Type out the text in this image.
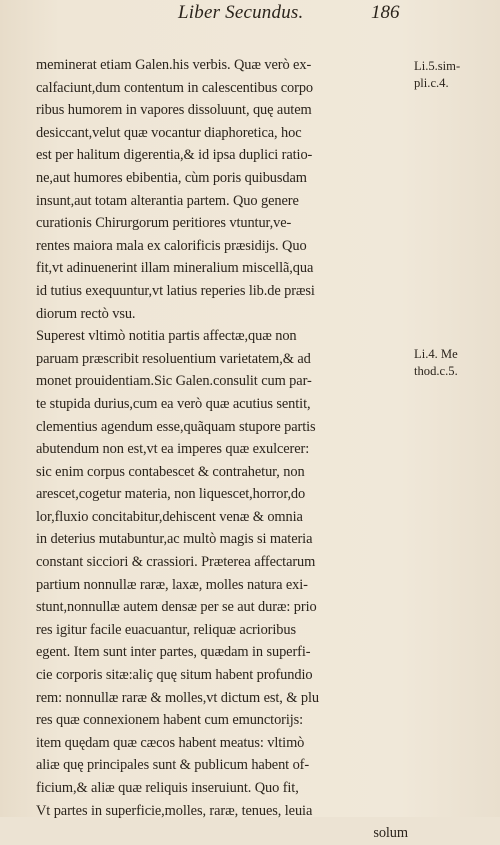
Liber Secundus.	186
meminerat etiam Galen.his verbis. Quæ verò ex-
calfaciunt,dum contentum in calescentibus corpo
ribus humorem in vapores dissoluunt, quę autem
desiccant,velut quæ vocantur diaphoretica, hoc
est per halitum digerentia,& id ipsa duplici ratio-
ne,aut humores ebibentia, cùm poris quibusdam
insunt,aut totam alterantia partem. Quo genere
curationis Chirurgorum peritiores vtuntur,ve-
rentes maiora mala ex calorificis præsidijs. Quo
fit,vt adinuenerint illam mineralium miscellã,qua
id tutius exequuntur,vt latius reperies lib.de præsi
diorum rectò vsu.
Superest vltimò notitia partis affectæ,quæ non
paruam præscribit resoluentium varietatem,& ad
monet prouidentiam.Sic Galen.consulit cum par-
te stupida durius,cum ea verò quæ acutius sentit,
clementius agendum esse,quãquam stupore partis
abutendum non est,vt ea imperes quæ exulcerer:
sic enim corpus contabescet & contrahetur, non
arescet,cogetur materia, non liquescet,horror,do
lor,fluxio concitabitur,dehiscent venæ & omnia
in deterius mutabuntur,ac multò magis si materia
constant sicciori & crassiori. Præterea affectarum
partium nonnullæ raræ, laxæ, molles natura exi-
stunt,nonnullæ autem densæ per se aut duræ: prio
res igitur facile euacuantur, reliquæ acrioribus
egent. Item sunt inter partes, quædam in superfi-
cie corporis sitæ:aliç quę situm habent profundio
rem: nonnullæ raræ & molles,vt dictum est, & plu
res quæ connexionem habent cum emunctorijs:
item quędam quæ cæcos habent meatus: vltimò
aliæ quę principales sunt & publicum habent of-
ficium,& aliæ quæ reliquis inseruiunt. Quo fit,
Vt partes in superficie,molles, raræ, tenues, leuia
solum
Li.5.sim-
pli.c.4.
Li.4. Me
thod.c.5.
